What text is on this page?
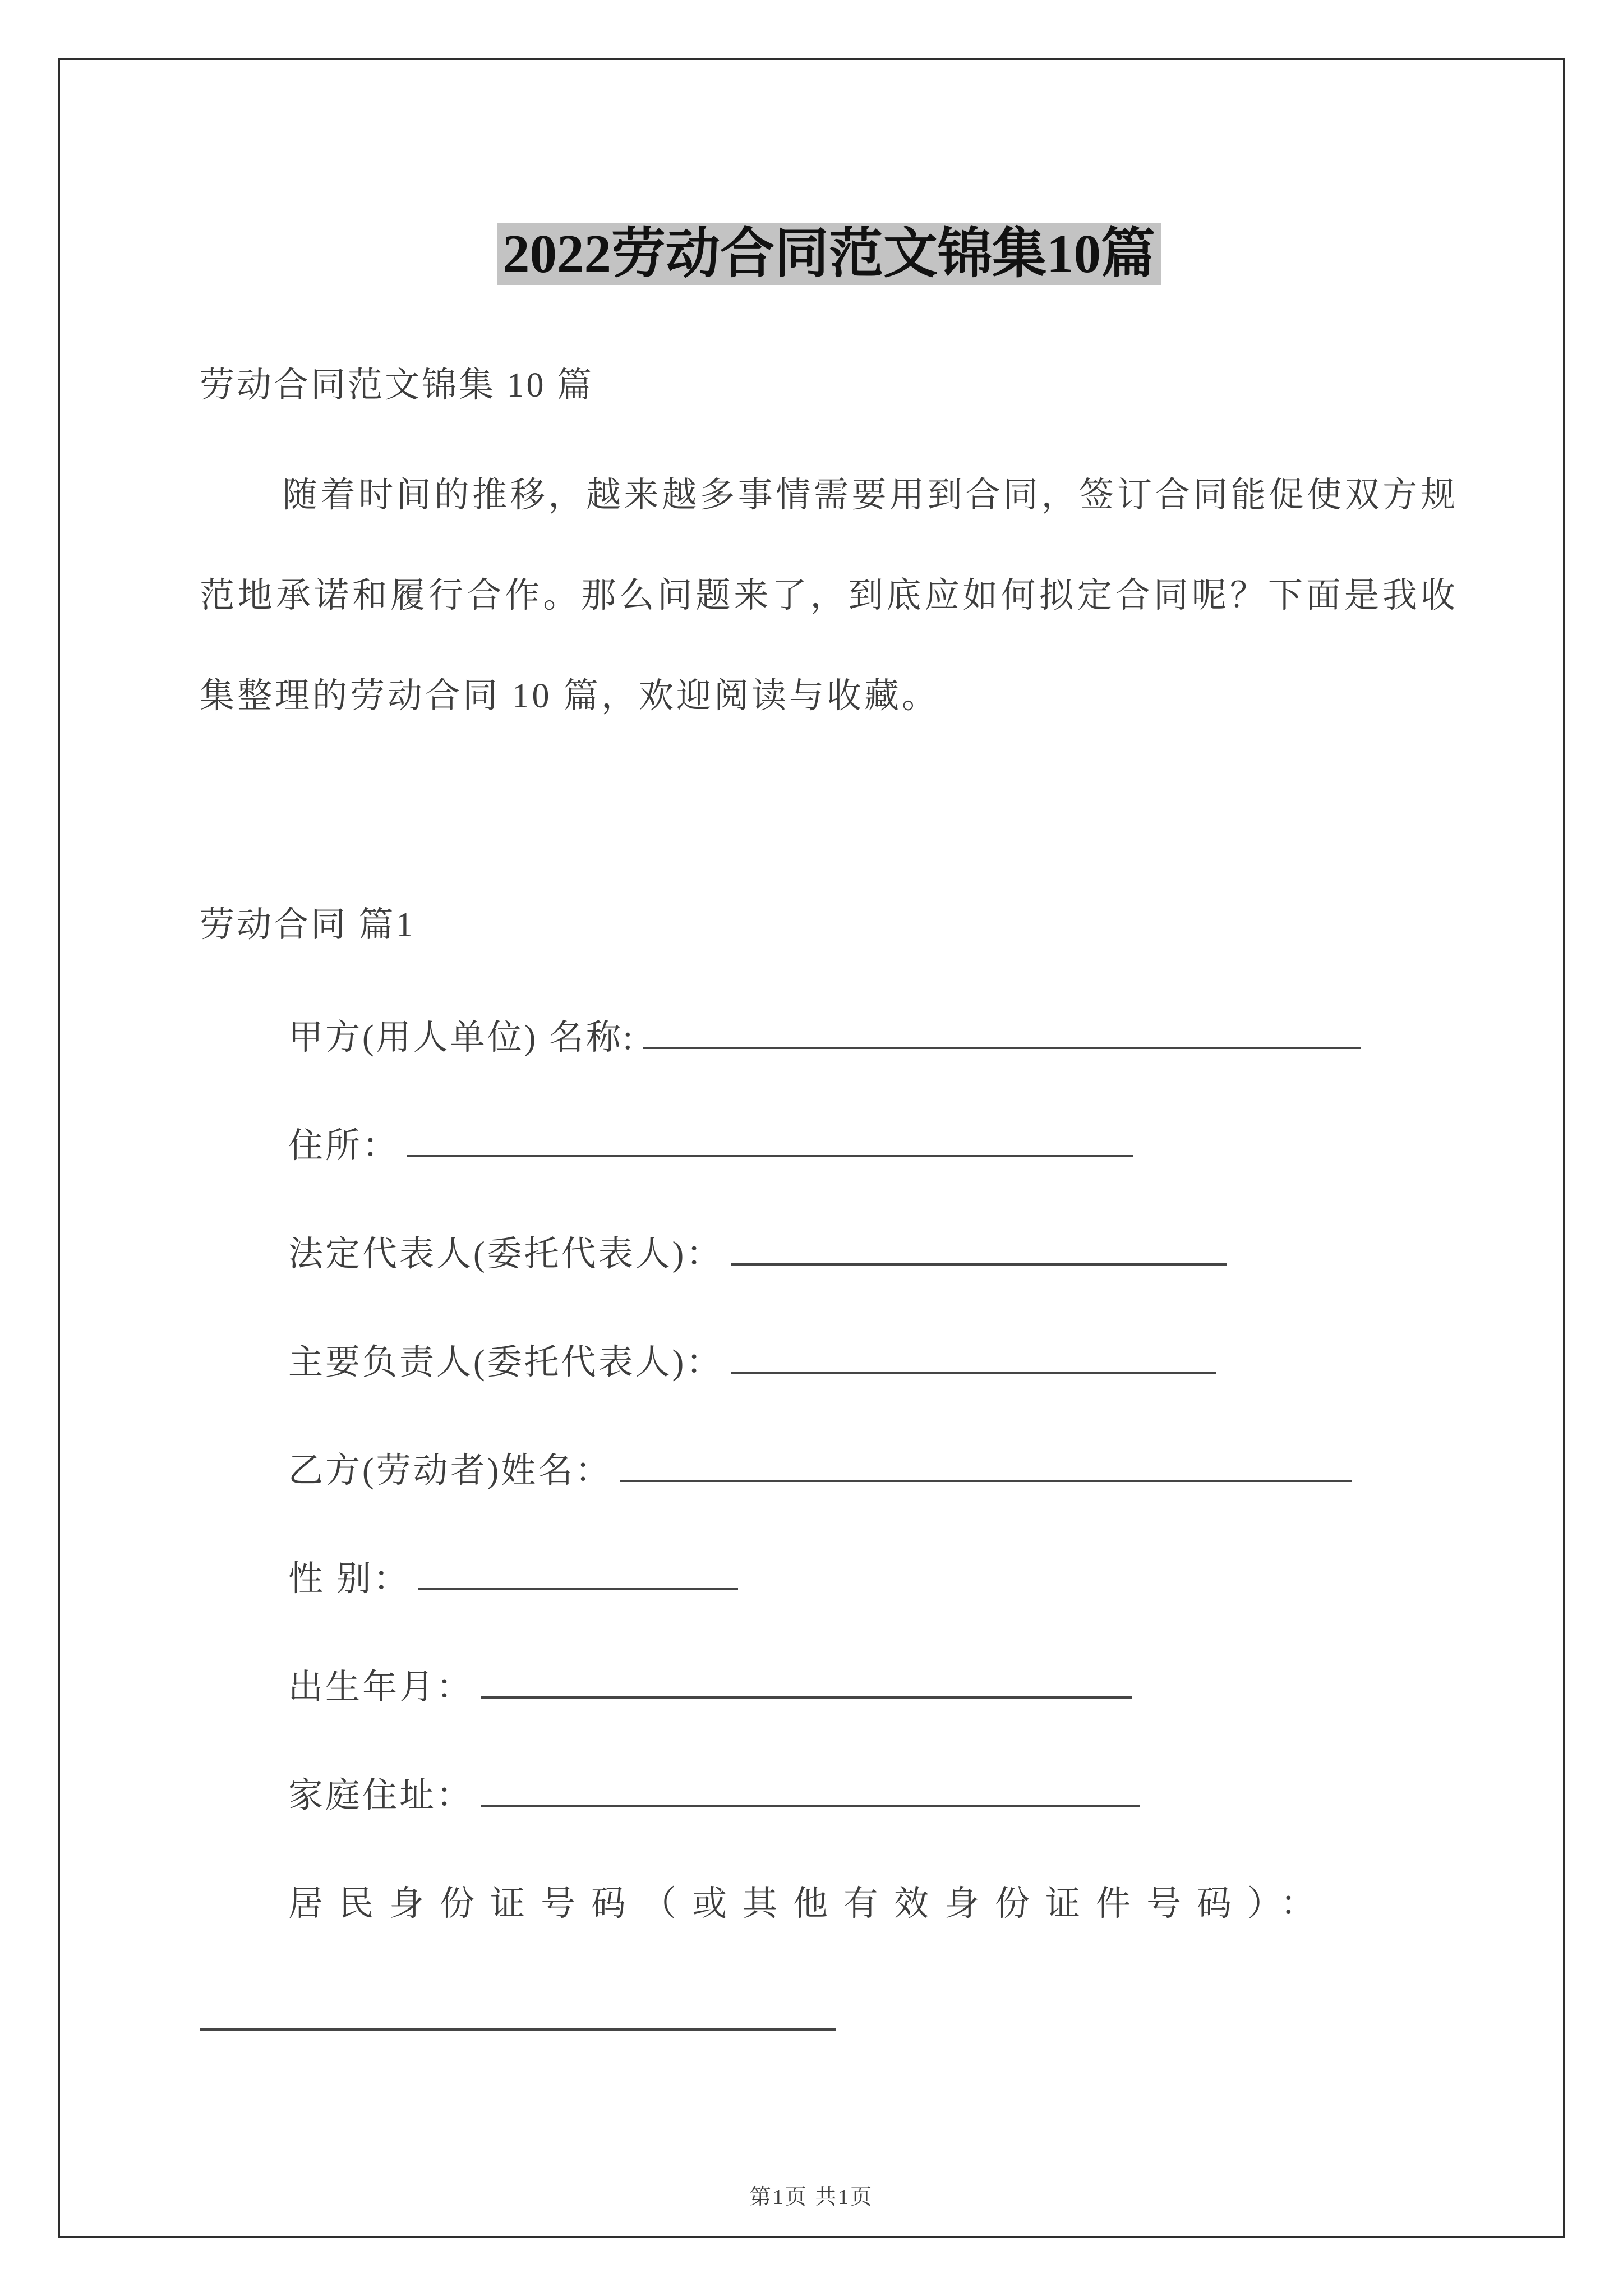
2022劳动合同范文锦集10篇

劳动合同范文锦集 10 篇

随着时间的推移，越来越多事情需要用到合同，签订合同能促使双方规范地承诺和履行合作。那么问题来了，到底应如何拟定合同呢？下面是我收集整理的劳动合同 10 篇，欢迎阅读与收藏。

劳动合同 篇1

甲方(用人单位) 名称:
住所：
法定代表人(委托代表人)：
主要负责人(委托代表人)：
乙方(劳动者)姓名：
性 别：
出生年月：
家庭住址：

居民身份证号码（或其他有效身份证件号码）：

第1页 共1页
